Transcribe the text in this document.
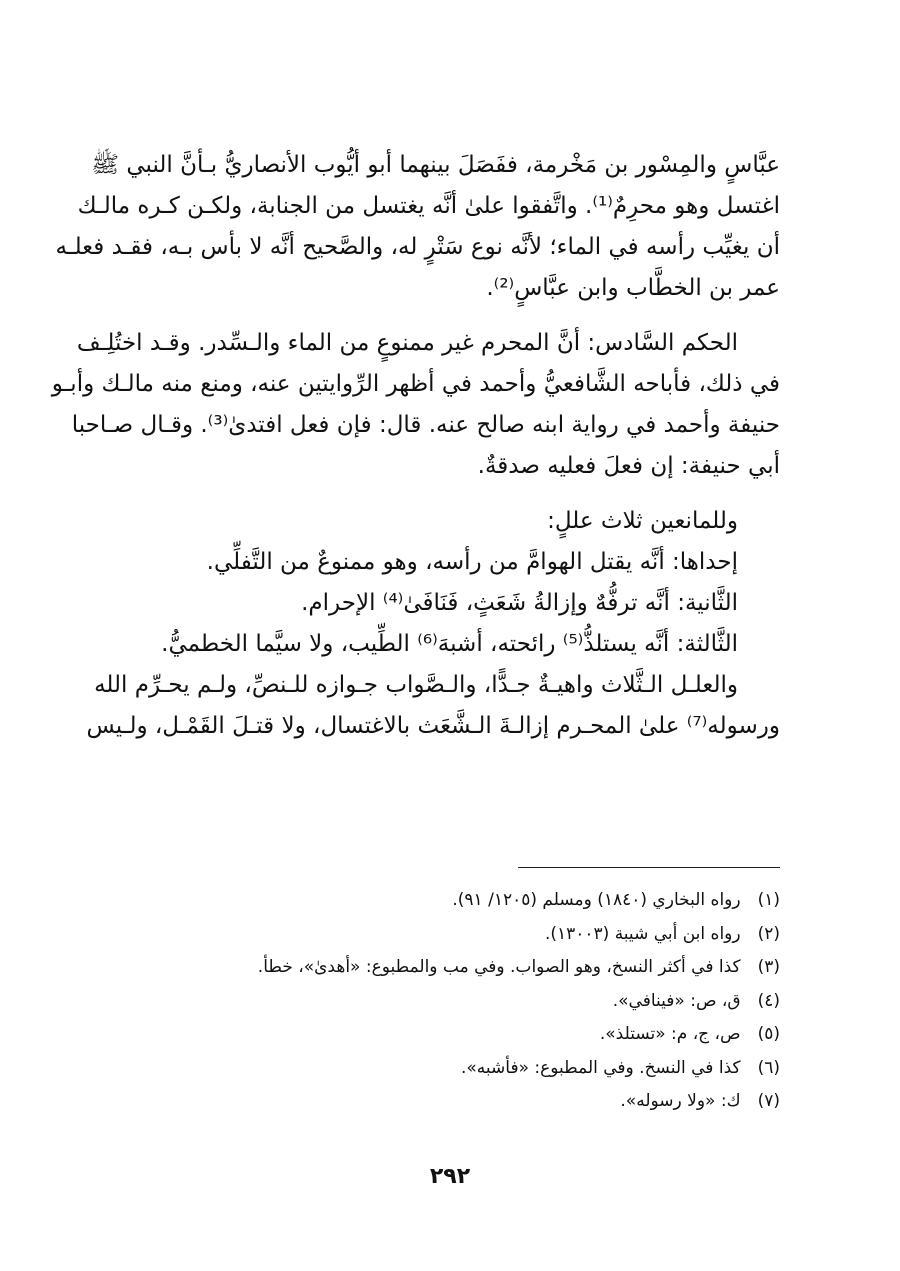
عبَّاسٍ والمِسْور بن مَخْرمة، ففَصَلَ بينهما أبو أيُّوب الأنصاريُّ بـأنَّ النبي ﷺ
اغتسل وهو محرِمٌ⁽¹⁾. واتَّفقوا علىٰ أنَّه يغتسل من الجنابة، ولكـن كـره مالـك
أن يغيِّب رأسه في الماء؛ لأنَّه نوع سَتْرٍ له، والصَّحيح أنَّه لا بأس بـه، فقـد فعلـه
عمر بن الخطَّاب وابن عبَّاسٍ⁽²⁾.
الحكم السَّادس: أنَّ المحرم غير ممنوعٍ من الماء والـسِّدر. وقـد اختُلِـف
في ذلك، فأباحه الشَّافعيُّ وأحمد في أظهر الرِّوايتين عنه، ومنع منه مالـك وأبـو
حنيفة وأحمد في رواية ابنه صالح عنه. قال: فإن فعل افتدىٰ⁽³⁾. وقـال صـاحبا
أبي حنيفة: إن فعلَ فعليه صدقةٌ.
وللمانعين ثلاث عللٍ:
إحداها: أنَّه يقتل الهوامَّ من رأسه، وهو ممنوعٌ من التَّفلِّي.
الثَّانية: أنَّه ترفُّهٌ وإزالةُ شَعَثٍ، فَنَافَىٰ⁽⁴⁾ الإحرام.
الثَّالثة: أنَّه يستلذُّ⁽⁵⁾ رائحته، أشبهَ⁽⁶⁾ الطِّيب، ولا سيَّما الخطميُّ.
والعلـل الـثَّلاث واهيـةٌ جـدًّا، والـصَّواب جـوازه للـنصِّ، ولـم يحـرِّم الله
ورسوله⁽⁷⁾ علىٰ المحـرم إزالـةَ الـشَّعَث بالاغتسال، ولا قتـلَ القَمْـل، ولـيس
(١) رواه البخاري (١٨٤٠) ومسلم (١٢٠٥/ ٩١).
(٢) رواه ابن أبي شيبة (١٣٠٠٣).
(٣) كذا في أكثر النسخ، وهو الصواب. وفي مب والمطبوع: «أهدىٰ»، خطأ.
(٤) ق، ص: «فينافي».
(٥) ص، ج، م: «تستلذ».
(٦) كذا في النسخ. وفي المطبوع: «فأشبه».
(٧) ك: «ولا رسوله».
٢٩٢
